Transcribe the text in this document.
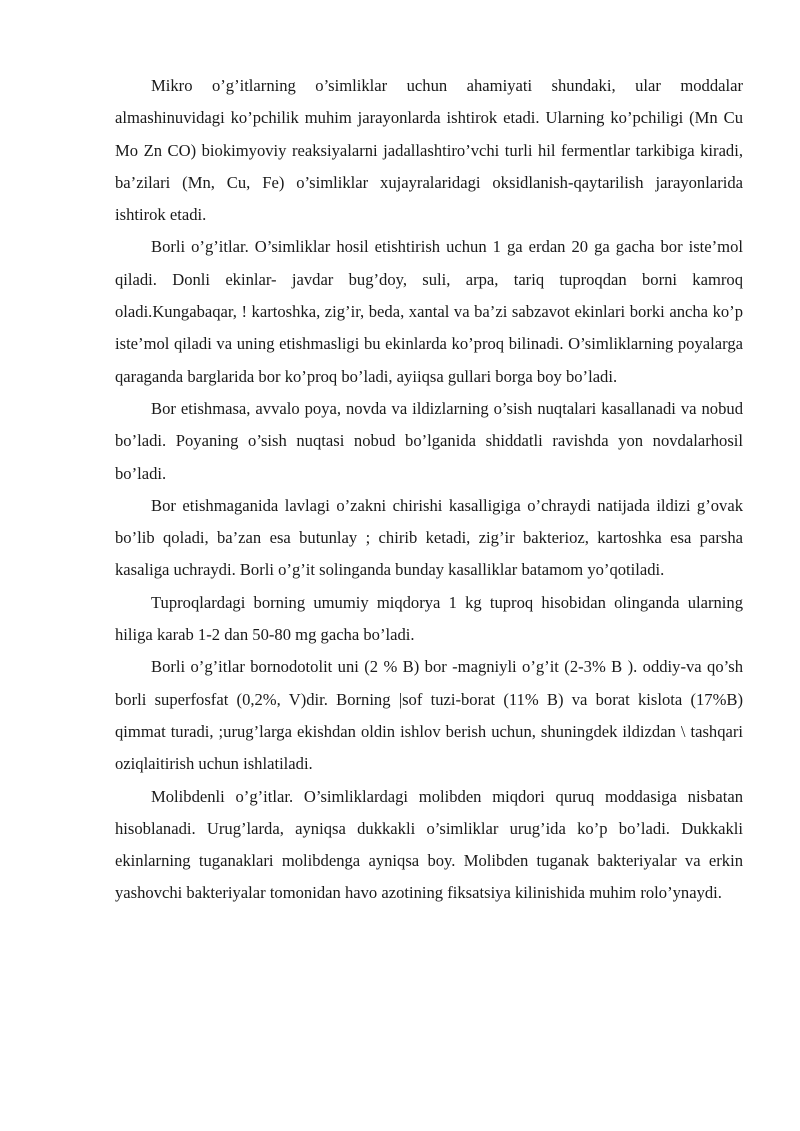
Mikro o’g’itlarning o’simliklar uchun ahamiyati shundaki, ular moddalar almashinuvidagi ko’pchilik muhim jarayonlarda ishtirok etadi. Ularning ko’pchiligi (Mn Cu Mo Zn CO) biokimyoviy reaksiyalarni jadallashtiro’vchi turli hil fermentlar tarkibiga kiradi, ba’zilari (Mn, Cu, Fe) o’simliklar xujayralaridagi oksidlanish-qaytarilish jarayonlarida ishtirok etadi.

Borli o’g’itlar. O’simliklar hosil etishtirish uchun 1 ga erdan 20 ga gacha bor iste’mol qiladi. Donli ekinlar- javdar bug’doy, suli, arpa, tariq tuproqdan borni kamroq oladi.Kungabaqar, ! kartoshka, zig’ir, beda, xantal va ba’zi sabzavot ekinlari borki ancha ko’p iste’mol qiladi va uning etishmasligi bu ekinlarda ko’proq bilinadi. O’simliklarning poyalarga qaraganda barglarida bor ko’proq bo’ladi, ayiiqsa gullari borga boy bo’ladi.

Bor etishmasa, avvalo poya, novda va ildizlarning o’sish nuqtalari kasallanadi va nobud bo’ladi. Poyaning o’sish nuqtasi nobud bo’lganida shiddatli ravishda yon novdalarhosil bo’ladi.

Bor etishmaganida lavlagi o’zakni chirishi kasalligiga o’chraydi natijada ildizi g’ovak bo’lib qoladi, ba’zan esa butunlay ; chirib ketadi, zig’ir bakterioz, kartoshka esa parsha kasaliga uchraydi. Borli o’g’it solinganda bunday kasalliklar batamom yo’qotiladi.

Tuproqlardagi borning umumiy miqdorya 1 kg tuproq hisobidan olinganda ularning hiliga karab 1-2 dan 50-80 mg gacha bo’ladi.

Borli o’g’itlar bornodotolit uni (2 % B) bor -magniyli o’g’it (2-3% B ). oddiy-va qo’sh borli superfosfat (0,2%, V)dir. Borning |sof tuzi-borat (11% B) va borat kislota (17%B) qimmat turadi, ;urug’larga ekishdan oldin ishlov berish uchun, shuningdek ildizdan \ tashqari oziqlaitirish uchun ishlatiladi.

Molibdenli o’g’itlar. O’simliklardagi molibden miqdori quruq moddasiga nisbatan hisoblanadi. Urug’larda, ayniqsa dukkakli o’simliklar urug’ida ko’p bo’ladi. Dukkakli ekinlarning tuganaklari molibdenga ayniqsa boy. Molibden tuganak bakteriyalar va erkin yashovchi bakteriyalar tomonidan havo azotining fiksatsiya kilinishida muhim rolo’ynaydi.
